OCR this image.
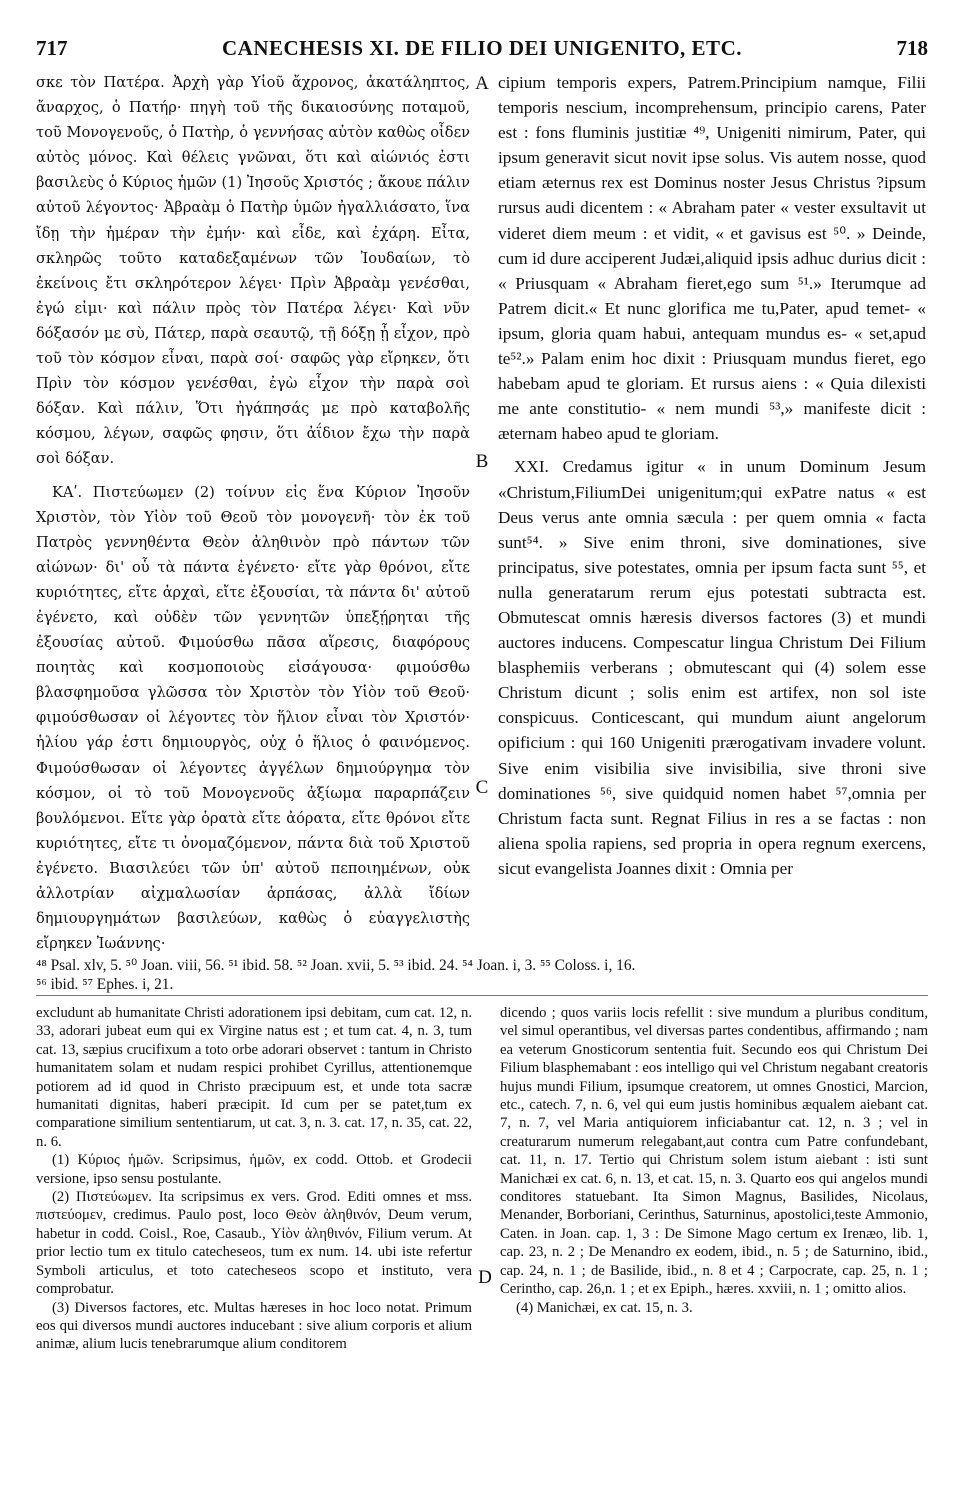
717	CANECHESIS XI. DE FILIO DEI UNIGENITO, ETC.	718

σκε τὸν Πατέρα. Ἀρχὴ γὰρ Υἱοῦ ἄχρονος, ἀκατάληπτος, ἄναρχος, ὁ Πατήρ· πηγὴ τοῦ τῆς δικαιοσύνης ποταμοῦ, τοῦ Μονογενοῦς, ὁ Πατὴρ, ὁ γεννήσας αὐτὸν καθὼς οἶδεν αὐτὸς μόνος. Καὶ θέλεις γνῶναι, ὅτι καὶ αἰώνιός ἐστι βασιλεὺς ὁ Κύριος ἡμῶν (1) Ἰησοῦς Χριστός ; ἄκουε πάλιν αὐτοῦ λέγοντος· Ἀβραὰμ ὁ Πατὴρ ὑμῶν ἠγαλλιάσατο, ἵνα ἴδῃ τὴν ἡμέραν τὴν ἐμήν· καὶ εἶδε, καὶ ἐχάρη. Εἶτα, σκληρῶς τοῦτο καταδεξαμένων τῶν Ἰουδαίων, τὸ ἐκείνοις ἔτι σκληρότερον λέγει· Πρὶν Ἀβραὰμ γενέσθαι, ἐγώ εἰμι· καὶ πάλιν πρὸς τὸν Πατέρα λέγει· Καὶ νῦν δόξασόν με σὺ, Πάτερ, παρὰ σεαυτῷ, τῇ δόξῃ ᾗ εἶχον, πρὸ τοῦ τὸν κόσμον εἶναι, παρὰ σοί· σαφῶς γὰρ εἴρηκεν, ὅτι Πρὶν τὸν κόσμον γενέσθαι, ἐγὼ εἶχον τὴν παρὰ σοὶ δόξαν. Καὶ πάλιν, Ὅτι ἠγάπησάς με πρὸ καταβολῆς κόσμου, λέγων, σαφῶς φησιν, ὅτι ἀΐδιον ἔχω τὴν παρὰ σοὶ δόξαν.

ΚΑʹ. Πιστεύωμεν (2) τοίνυν εἰς ἕνα Κύριον Ἰησοῦν Χριστὸν, τὸν Υἱὸν τοῦ Θεοῦ τὸν μονογενῆ· τὸν ἐκ τοῦ Πατρὸς γεννηθέντα Θεὸν ἀληθινὸν πρὸ πάντων τῶν αἰώνων· δι' οὗ τὰ πάντα ἐγένετο· εἴτε γὰρ θρόνοι, εἴτε κυριότητες, εἴτε ἀρχαὶ, εἴτε ἐξουσίαι, τὰ πάντα δι' αὐτοῦ ἐγένετο, καὶ οὐδὲν τῶν γεννητῶν ὑπεξῄρηται τῆς ἐξουσίας αὐτοῦ. Φιμούσθω πᾶσα αἵρεσις, διαφόρους ποιητὰς καὶ κοσμοποιοὺς εἰσάγουσα· φιμούσθω βλασφημοῦσα γλῶσσα τὸν Χριστὸν τὸν Υἱὸν τοῦ Θεοῦ· φιμούσθωσαν οἱ λέγοντες τὸν ἥλιον εἶναι τὸν Χριστόν· ἡλίου γάρ ἐστι δημιουργὸς, οὐχ ὁ ἥλιος ὁ φαινόμενος. Φιμούσθωσαν οἱ λέγοντες ἀγγέλων δημιούργημα τὸν κόσμον, οἱ τὸ τοῦ Μονογενοῦς ἀξίωμα παραρπάζειν βουλόμενοι. Εἴτε γὰρ ὁρατὰ εἴτε ἀόρατα, εἴτε θρόνοι εἴτε κυριότητες, εἴτε τι ὀνομαζόμενον, πάντα διὰ τοῦ Χριστοῦ ἐγένετο. Βιασιλεύει τῶν ὑπ' αὐτοῦ πεποιημένων, οὐκ ἀλλοτρίαν αἰχμαλωσίαν ἁρπάσας, ἀλλὰ ἴδίων δημιουργημάτων βασιλεύων, καθὼς ὁ εὐαγγελιστὴς εἴρηκεν Ἰωάννης·

A
B
C
D

cipium temporis expers, Patrem.Principium namque, Filii temporis nescium, incomprehensum, principio carens, Pater est : fons fluminis justitiæ ⁴⁹, Unigeniti nimirum, Pater, qui ipsum generavit sicut novit ipse solus. Vis autem nosse, quod etiam æternus rex est Dominus noster Jesus Christus ?ipsum rursus audi dicentem : « Abraham pater « vester exsultavit ut videret diem meum : et vidit, « et gavisus est ⁵⁰. » Deinde, cum id dure acciperent Judæi,aliquid ipsis adhuc durius dicit : « Priusquam « Abraham fieret,ego sum ⁵¹.» Iterumque ad Patrem dicit.« Et nunc glorifica me tu,Pater, apud temet- « ipsum, gloria quam habui, antequam mundus es- « set,apud te⁵².» Palam enim hoc dixit : Priusquam mundus fieret, ego habebam apud te gloriam. Et rursus aiens : « Quia dilexisti me ante constitutio- « nem mundi ⁵³,» manifeste dicit : æternam habeo apud te gloriam.

XXI. Credamus igitur « in unum Dominum Jesum «Christum,FiliumDei unigenitum;qui exPatre natus « est Deus verus ante omnia sæcula : per quem omnia « facta sunt⁵⁴. » Sive enim throni, sive dominationes, sive principatus, sive potestates, omnia per ipsum facta sunt ⁵⁵, et nulla generatarum rerum ejus potestati subtracta est. Obmutescat omnis hæresis diversos factores (3) et mundi auctores inducens. Compescatur lingua Christum Dei Filium blasphemiis verberans ; obmutescant qui (4) solem esse Christum dicunt ; solis enim est artifex, non sol iste conspicuus. Conticescant, qui mundum aiunt angelorum opificium : qui 160 Unigeniti prærogativam invadere volunt. Sive enim visibilia sive invisibilia, sive throni sive dominationes ⁵⁶, sive quidquid nomen habet ⁵⁷,omnia per Christum facta sunt. Regnat Filius in res a se factas : non aliena spolia rapiens, sed propria in opera regnum exercens, sicut evangelista Joannes dixit : Omnia per

⁴⁸ Psal. xlv, 5. ⁵⁰ Joan. viii, 56. ⁵¹ ibid. 58. ⁵² Joan. xvii, 5. ⁵³ ibid. 24. ⁵⁴ Joan. i, 3. ⁵⁵ Coloss. i, 16.

⁵⁶ ibid. ⁵⁷ Ephes. i, 21.

excludunt ab humanitate Christi adorationem ipsi debitam, cum cat. 12, n. 33, adorari jubeat eum qui ex Virgine natus est ; et tum cat. 4, n. 3, tum cat. 13, sæpius crucifixum a toto orbe adorari observet : tantum in Christo humanitatem solam et nudam respici prohibet Cyrillus, attentionemque potiorem ad id quod in Christo præcipuum est, et unde tota sacræ humanitati dignitas, haberi præcipit. Id cum per se patet,tum ex comparatione similium sententiarum, ut cat. 3, n. 3. cat. 17, n. 35, cat. 22, n. 6.

(1) Κύριος ἡμῶν. Scripsimus, ἡμῶν, ex codd. Ottob. et Grodecii versione, ipso sensu postulante.

(2) Πιστεύωμεν. Ita scripsimus ex vers. Grod. Editi omnes et mss. πιστεύομεν, credimus. Paulo post, loco Θεὸν ἀληθινόν, Deum verum, habetur in codd. Coisl., Roe, Casaub., Υἱὸν ἀληθινόν, Filium verum. At prior lectio tum ex titulo catecheseos, tum ex num. 14. ubi iste refertur Symboli articulus, et toto catecheseos scopo et instituto, vera comprobatur.

(3) Diversos factores, etc. Multas hæreses in hoc loco notat. Primum eos qui diversos mundi auctores inducebant : sive alium corporis et alium animæ, alium lucis tenebrarumque alium conditorem

dicendo ; quos variis locis refellit : sive mundum a pluribus conditum, vel simul operantibus, vel diversas partes condentibus, affirmando ; nam ea veterum Gnosticorum sententia fuit. Secundo eos qui Christum Dei Filium blasphemabant : eos intelligo qui vel Christum negabant creatoris hujus mundi Filium, ipsumque creatorem, ut omnes Gnostici, Marcion, etc., catech. 7, n. 6, vel qui eum justis hominibus æqualem aiebant cat. 7, n. 7, vel Maria antiquiorem inficiabantur cat. 12, n. 3 ; vel in creaturarum numerum relegabant,aut contra cum Patre confundebant, cat. 11, n. 17. Tertio qui Christum solem istum aiebant : isti sunt Manichæi ex cat. 6, n. 13, et cat. 15, n. 3. Quarto eos qui angelos mundi conditores statuebant. Ita Simon Magnus, Basilides, Nicolaus, Menander, Borboriani, Cerinthus, Saturninus, apostolici,teste Ammonio, Caten. in Joan. cap. 1, 3 : De Simone Mago certum ex Irenæo, lib. 1, cap. 23, n. 2 ; De Menandro ex eodem, ibid., n. 5 ; de Saturnino, ibid., cap. 24, n. 1 ; de Basilide, ibid., n. 8 et 4 ; Carpocrate, cap. 25, n. 1 ; Cerintho, cap. 26,n. 1 ; et ex Epiph., hæres. xxviii, n. 1 ; omitto alios.

(4) Manichæi, ex cat. 15, n. 3.
